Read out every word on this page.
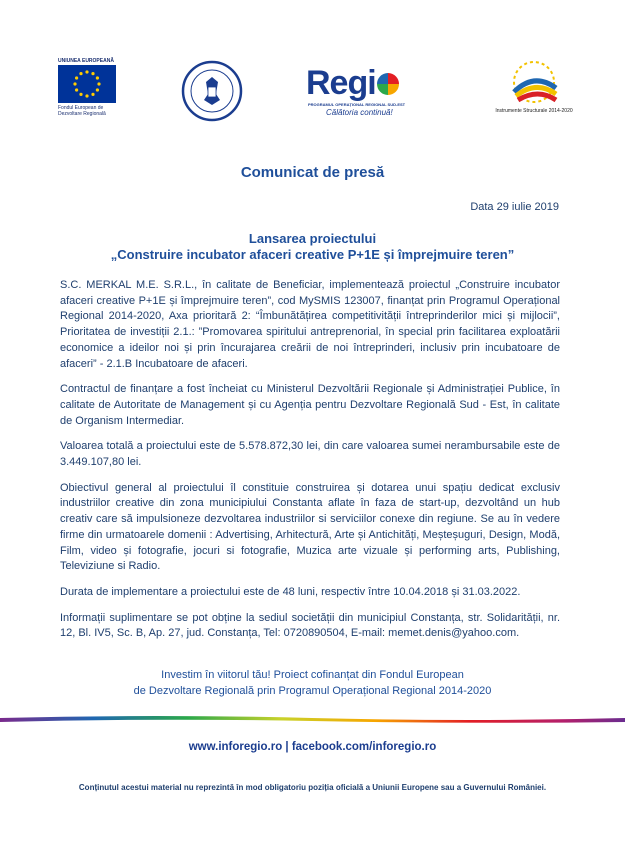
UNIUNEA EUROPEANĂ
Fondul European de Dezvoltare Regională
Regi
PROGRAMUL OPERAȚIONAL REGIONAL SUD-EST
Călătoria continuă!	Instrumente Structurale 2014-2020
Comunicat de presă
Data 29 iulie 2019
Lansarea proiectului
„Construire incubator afaceri creative P+1E și împrejmuire teren”

S.C. MERKAL M.E. S.R.L., în calitate de Beneficiar, implementează proiectul „Construire incubator afaceri creative P+1E și împrejmuire teren”, cod MySMIS 123007, finanțat prin Programul Operațional Regional 2014-2020, Axa prioritară 2: “Îmbunătățirea competitivității întreprinderilor mici și mijlocii”, Prioritatea de investiții 2.1.: ”Promovarea spiritului antreprenorial, în special prin facilitarea exploatării economice a ideilor noi și prin încurajarea creării de noi întreprinderi, inclusiv prin incubatoare de afaceri” - 2.1.B Incubatoare de afaceri.

Contractul de finanțare a fost încheiat cu Ministerul Dezvoltării Regionale și Administrației Publice, în calitate de Autoritate de Management și cu Agenția pentru Dezvoltare Regională Sud - Est, în calitate de Organism Intermediar.

Valoarea totală a proiectului este de 5.578.872,30 lei, din care valoarea sumei nerambursabile este de 3.449.107,80 lei.

Obiectivul general al proiectului îl constituie construirea și dotarea unui spațiu dedicat exclusiv industriilor creative din zona municipiului Constanta aflate în faza de start-up, dezvoltând un hub creativ care să impulsioneze dezvoltarea industriilor si serviciilor conexe din regiune. Se au în vedere firme din urmatoarele domenii : Advertising, Arhitectură, Arte și Antichități, Meșteșuguri, Design, Modă, Film, video și fotografie, jocuri si fotografie, Muzica arte vizuale și performing arts, Publishing, Televiziune si Radio.

Durata de implementare a proiectului este de 48 luni, respectiv între 10.04.2018 și 31.03.2022.

Informații suplimentare se pot obține la sediul societății din municipiul Constanța, str. Solidarității, nr. 12, Bl. IV5, Sc. B, Ap. 27, jud. Constanța, Tel: 0720890504, E-mail: memet.denis@yahoo.com.

Investim în viitorul tău! Proiect cofinanțat din Fondul European
de Dezvoltare Regională prin Programul Operațional Regional 2014-2020
www.inforegio.ro | facebook.com/inforegio.ro
Conținutul acestui material nu reprezintă în mod obligatoriu poziția oficială a Uniunii Europene sau a Guvernului României.
